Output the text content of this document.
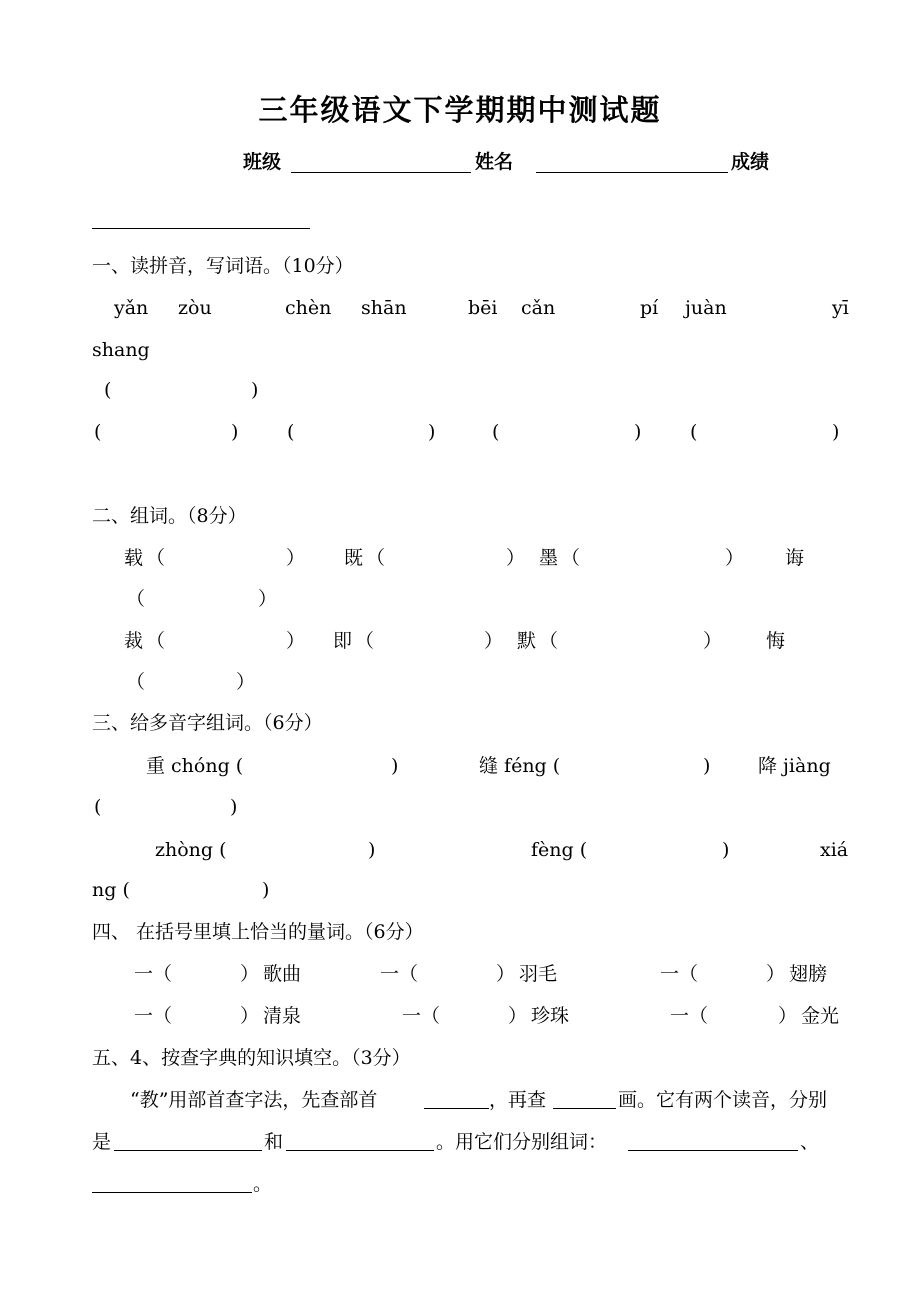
三年级语文下学期期中测试题
班级	姓名	成绩
一、读拼音，写词语。（10分）
yǎn zòu	chèn shān	bēi cǎn	pí juàn	yī
shang
(	)
(	)	(	)	(	)	(	)
二、组词。（8分）
载 （	） 既 （	） 墨 （	） 诲
（	）
裁 （	） 即 （	） 默 （	） 悔
（	）
三、给多音字组词。（6分）
重 chóng (	)	缝 féng (	)	降 jiàng
(	)
zhòng (	)	fèng (	)	xiá
ng (	)
四、 在括号里填上恰当的量词。（6分）
一（	） 歌曲	一（	） 羽毛	一（	） 翅膀
一（	） 清泉	一（	） 珍珠	一（	） 金光
五、4、按查字典的知识填空。（3分）
“教”用部首查字法，先查部首	，再查	画。它有两个读音，分别
是	和	。用它们分别组词：	、
。
